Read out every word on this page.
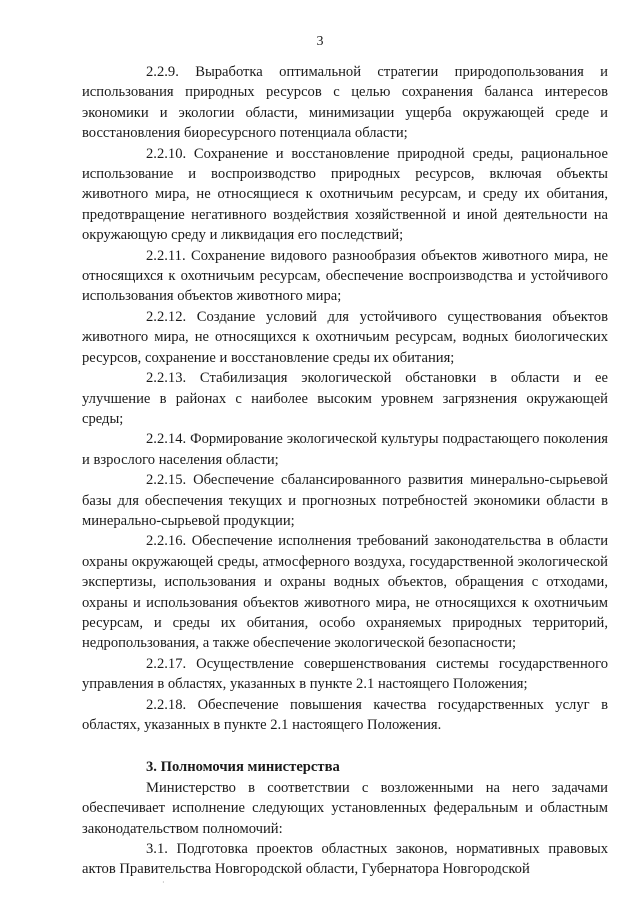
3

2.2.9. Выработка оптимальной стратегии природопользования и использования природных ресурсов с целью сохранения баланса интересов экономики и экологии области, минимизации ущерба окружающей среде и восстановления биоресурсного потенциала области;

2.2.10. Сохранение и восстановление природной среды, рациональное использование и воспроизводство природных ресурсов, включая объекты животного мира, не относящиеся к охотничьим ресурсам, и среду их обитания, предотвращение негативного воздействия хозяйственной и иной деятельности на окружающую среду и ликвидация его последствий;

2.2.11. Сохранение видового разнообразия объектов животного мира, не относящихся к охотничьим ресурсам, обеспечение воспроизводства и устойчивого использования объектов животного мира;

2.2.12. Создание условий для устойчивого существования объектов животного мира, не относящихся к охотничьим ресурсам, водных биологических ресурсов, сохранение и восстановление среды их обитания;

2.2.13. Стабилизация экологической обстановки в области и ее улучшение в районах с наиболее высоким уровнем загрязнения окружающей среды;

2.2.14. Формирование экологической культуры подрастающего поколения и взрослого населения области;

2.2.15. Обеспечение сбалансированного развития минерально-сырьевой базы для обеспечения текущих и прогнозных потребностей экономики области в минерально-сырьевой продукции;

2.2.16. Обеспечение исполнения требований законодательства в области охраны окружающей среды, атмосферного воздуха, государственной экологической экспертизы, использования и охраны водных объектов, обращения с отходами, охраны и использования объектов животного мира, не относящихся к охотничьим ресурсам, и среды их обитания, особо охраняемых природных территорий, недропользования, а также обеспечение экологической безопасности;

2.2.17. Осуществление совершенствования системы государственного управления в областях, указанных в пункте 2.1 настоящего Положения;

2.2.18. Обеспечение повышения качества государственных услуг в областях, указанных в пункте 2.1 настоящего Положения.

3. Полномочия министерства

Министерство в соответствии с возложенными на него задачами обеспечивает исполнение следующих установленных федеральным и областным законодательством полномочий:

3.1. Подготовка проектов областных законов, нормативных правовых актов Правительства Новгородской области, Губернатора Новгородской

·
